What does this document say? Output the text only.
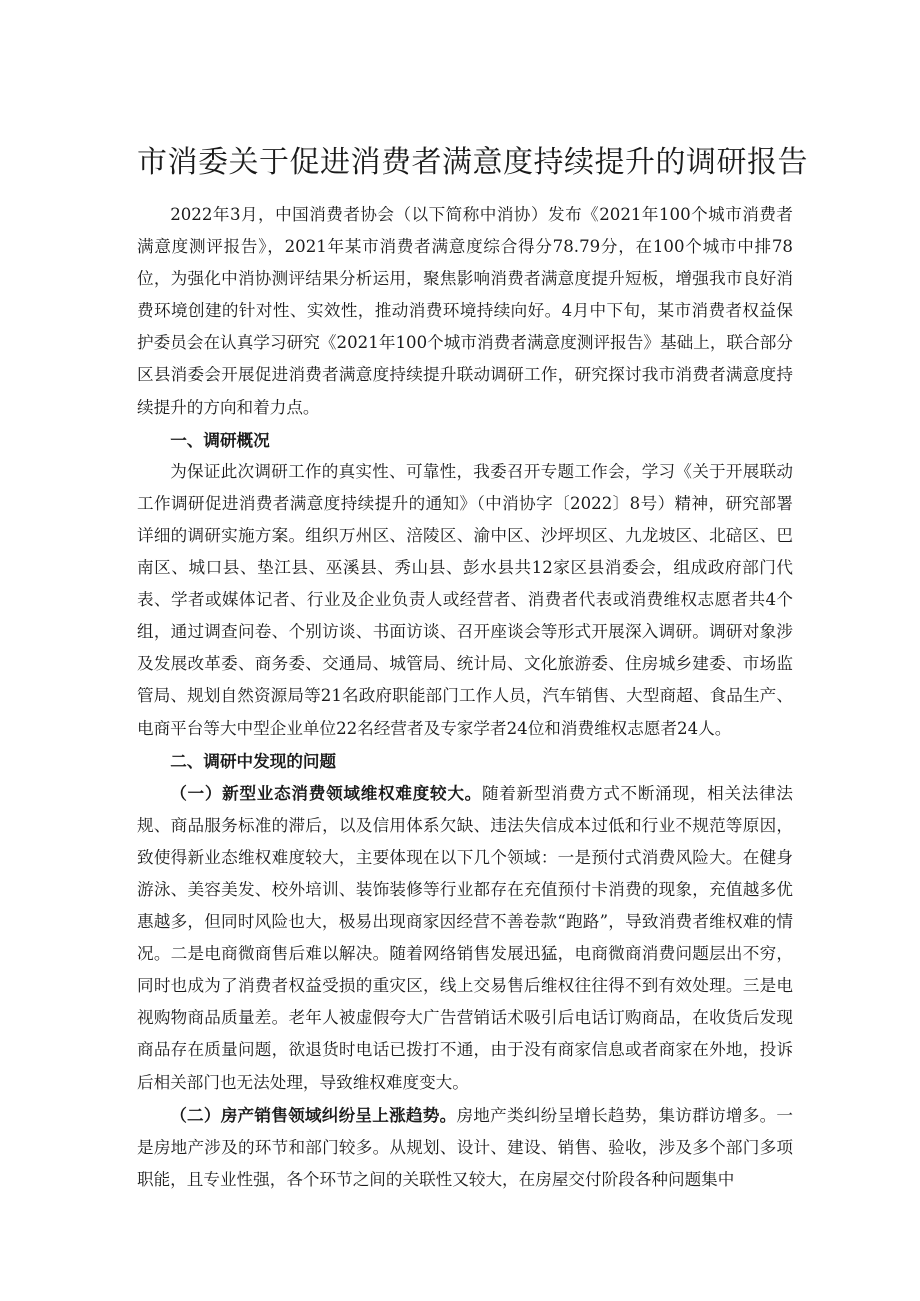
市消委关于促进消费者满意度持续提升的调研报告

2022年3月，中国消费者协会（以下简称中消协）发布《2021年100个城市消费者满意度测评报告》，2021年某市消费者满意度综合得分78.79分，在100个城市中排78位，为强化中消协测评结果分析运用，聚焦影响消费者满意度提升短板，增强我市良好消费环境创建的针对性、实效性，推动消费环境持续向好。4月中下旬，某市消费者权益保护委员会在认真学习研究《2021年100个城市消费者满意度测评报告》基础上，联合部分区县消委会开展促进消费者满意度持续提升联动调研工作，研究探讨我市消费者满意度持续提升的方向和着力点。

一、调研概况

为保证此次调研工作的真实性、可靠性，我委召开专题工作会，学习《关于开展联动工作调研促进消费者满意度持续提升的通知》（中消协字〔2022〕8号）精神，研究部署详细的调研实施方案。组织万州区、涪陵区、渝中区、沙坪坝区、九龙坡区、北碚区、巴南区、城口县、垫江县、巫溪县、秀山县、彭水县共12家区县消委会，组成政府部门代表、学者或媒体记者、行业及企业负责人或经营者、消费者代表或消费维权志愿者共4个组，通过调查问卷、个别访谈、书面访谈、召开座谈会等形式开展深入调研。调研对象涉及发展改革委、商务委、交通局、城管局、统计局、文化旅游委、住房城乡建委、市场监管局、规划自然资源局等21名政府职能部门工作人员，汽车销售、大型商超、食品生产、电商平台等大中型企业单位22名经营者及专家学者24位和消费维权志愿者24人。

二、调研中发现的问题

（一）新型业态消费领域维权难度较大。随着新型消费方式不断涌现，相关法律法规、商品服务标准的滞后，以及信用体系欠缺、违法失信成本过低和行业不规范等原因，致使得新业态维权难度较大，主要体现在以下几个领域：一是预付式消费风险大。在健身游泳、美容美发、校外培训、装饰装修等行业都存在充值预付卡消费的现象，充值越多优惠越多，但同时风险也大，极易出现商家因经营不善卷款“跑路”，导致消费者维权难的情况。二是电商微商售后难以解决。随着网络销售发展迅猛，电商微商消费问题层出不穷，同时也成为了消费者权益受损的重灾区，线上交易售后维权往往得不到有效处理。三是电视购物商品质量差。老年人被虚假夸大广告营销话术吸引后电话订购商品，在收货后发现商品存在质量问题，欲退货时电话已拨打不通，由于没有商家信息或者商家在外地，投诉后相关部门也无法处理，导致维权难度变大。

（二）房产销售领域纠纷呈上涨趋势。房地产类纠纷呈增长趋势，集访群访增多。一是房地产涉及的环节和部门较多。从规划、设计、建设、销售、验收，涉及多个部门多项职能，且专业性强，各个环节之间的关联性又较大，在房屋交付阶段各种问题集中
